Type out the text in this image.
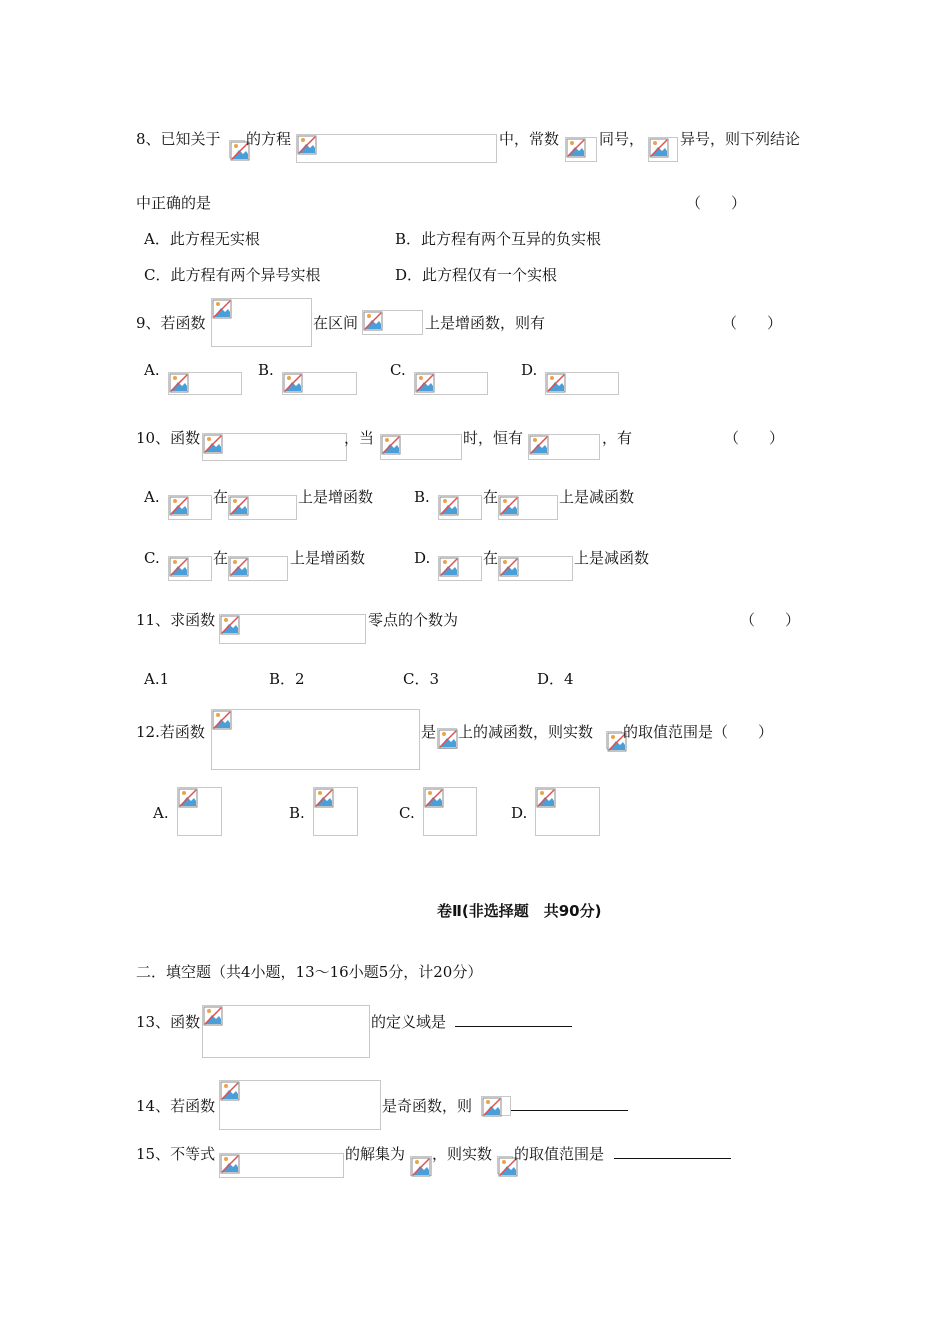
8、已知关于 的方程	中，常数	同号， 异号，则下列结论
中正确的是	（　　）
A．此方程无实根	B．此方程有两个互异的负实根
C．此方程有两个异号实根	D．此方程仅有一个实根
9、若函数	在区间	上是增函数，则有	（　　）
A.	B.	C.	D.
10、函数	，当	时，恒有	，有	（　　）
A.	在	上是增函数	B.	在	上是减函数
C.	在	上是增函数	D.	在	上是减函数
11、求函数	零点的个数为	（　　）
A.1	B．2	C．3	D．4
12.若函数	是 上的减函数，则实数 的取值范围是（　　）
A.	B.	C.	D.
卷Ⅱ(非选择题　共90分)
二．填空题（共4小题，13～16小题5分，计20分）
13、函数	的定义域是
14、若函数	是奇函数，则
15、不等式	的解集为 ，则实数 的取值范围是
